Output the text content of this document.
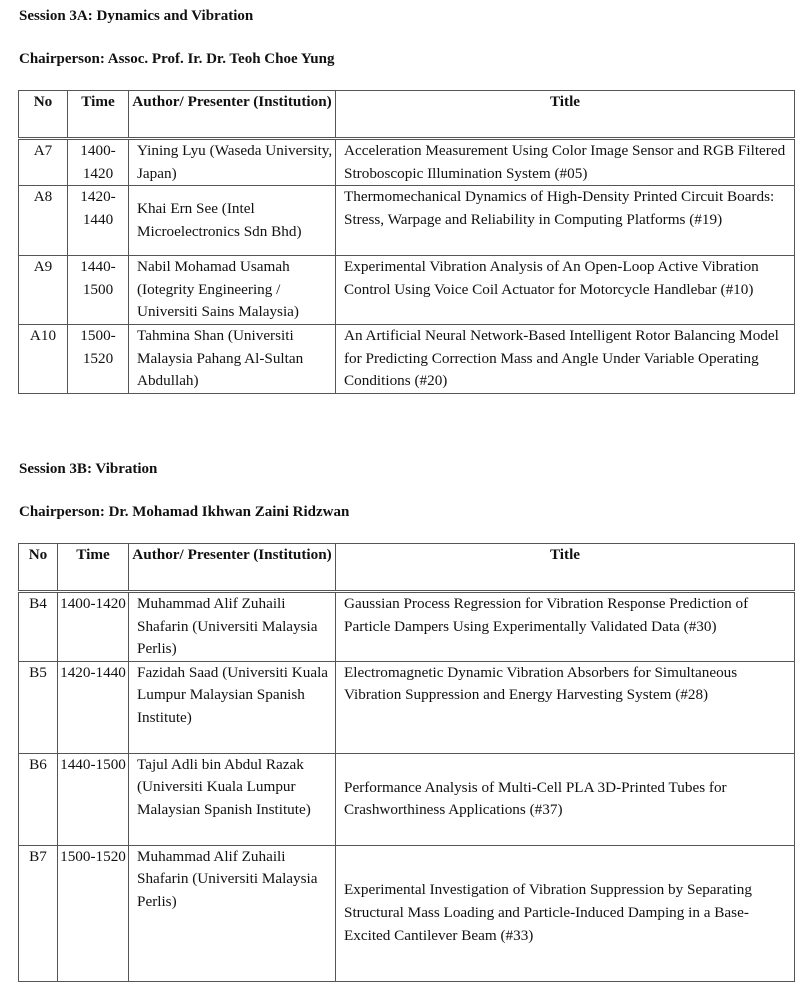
Session 3A: Dynamics and Vibration
Chairperson: Assoc. Prof. Ir. Dr. Teoh Choe Yung
No	Time	Author/ Presenter (Institution)	Title
A7	1400-1420	Yining Lyu (Waseda University, Japan)	Acceleration Measurement Using Color Image Sensor and RGB Filtered Stroboscopic Illumination System (#05)
A8	1420-1440	Khai Ern See (Intel Microelectronics Sdn Bhd)	Thermomechanical Dynamics of High-Density Printed Circuit Boards: Stress, Warpage and Reliability in Computing Platforms (#19)
A9	1440-1500	Nabil Mohamad Usamah (Iotegrity Engineering / Universiti Sains Malaysia)	Experimental Vibration Analysis of An Open-Loop Active Vibration Control Using Voice Coil Actuator for Motorcycle Handlebar (#10)
A10	1500-1520	Tahmina Shan (Universiti Malaysia Pahang Al-Sultan Abdullah)	An Artificial Neural Network-Based Intelligent Rotor Balancing Model for Predicting Correction Mass and Angle Under Variable Operating Conditions (#20)
Session 3B: Vibration
Chairperson: Dr. Mohamad Ikhwan Zaini Ridzwan
No	Time	Author/ Presenter (Institution)	Title
B4	1400-1420	Muhammad Alif Zuhaili Shafarin (Universiti Malaysia Perlis)	Gaussian Process Regression for Vibration Response Prediction of Particle Dampers Using Experimentally Validated Data (#30)
B5	1420-1440	Fazidah Saad (Universiti Kuala Lumpur Malaysian Spanish Institute)	Electromagnetic Dynamic Vibration Absorbers for Simultaneous Vibration Suppression and Energy Harvesting System (#28)
B6	1440-1500	Tajul Adli bin Abdul Razak (Universiti Kuala Lumpur Malaysian Spanish Institute)	Performance Analysis of Multi-Cell PLA 3D-Printed Tubes for Crashworthiness Applications (#37)
B7	1500-1520	Muhammad Alif Zuhaili Shafarin (Universiti Malaysia Perlis)	Experimental Investigation of Vibration Suppression by Separating Structural Mass Loading and Particle-Induced Damping in a Base-Excited Cantilever Beam (#33)
